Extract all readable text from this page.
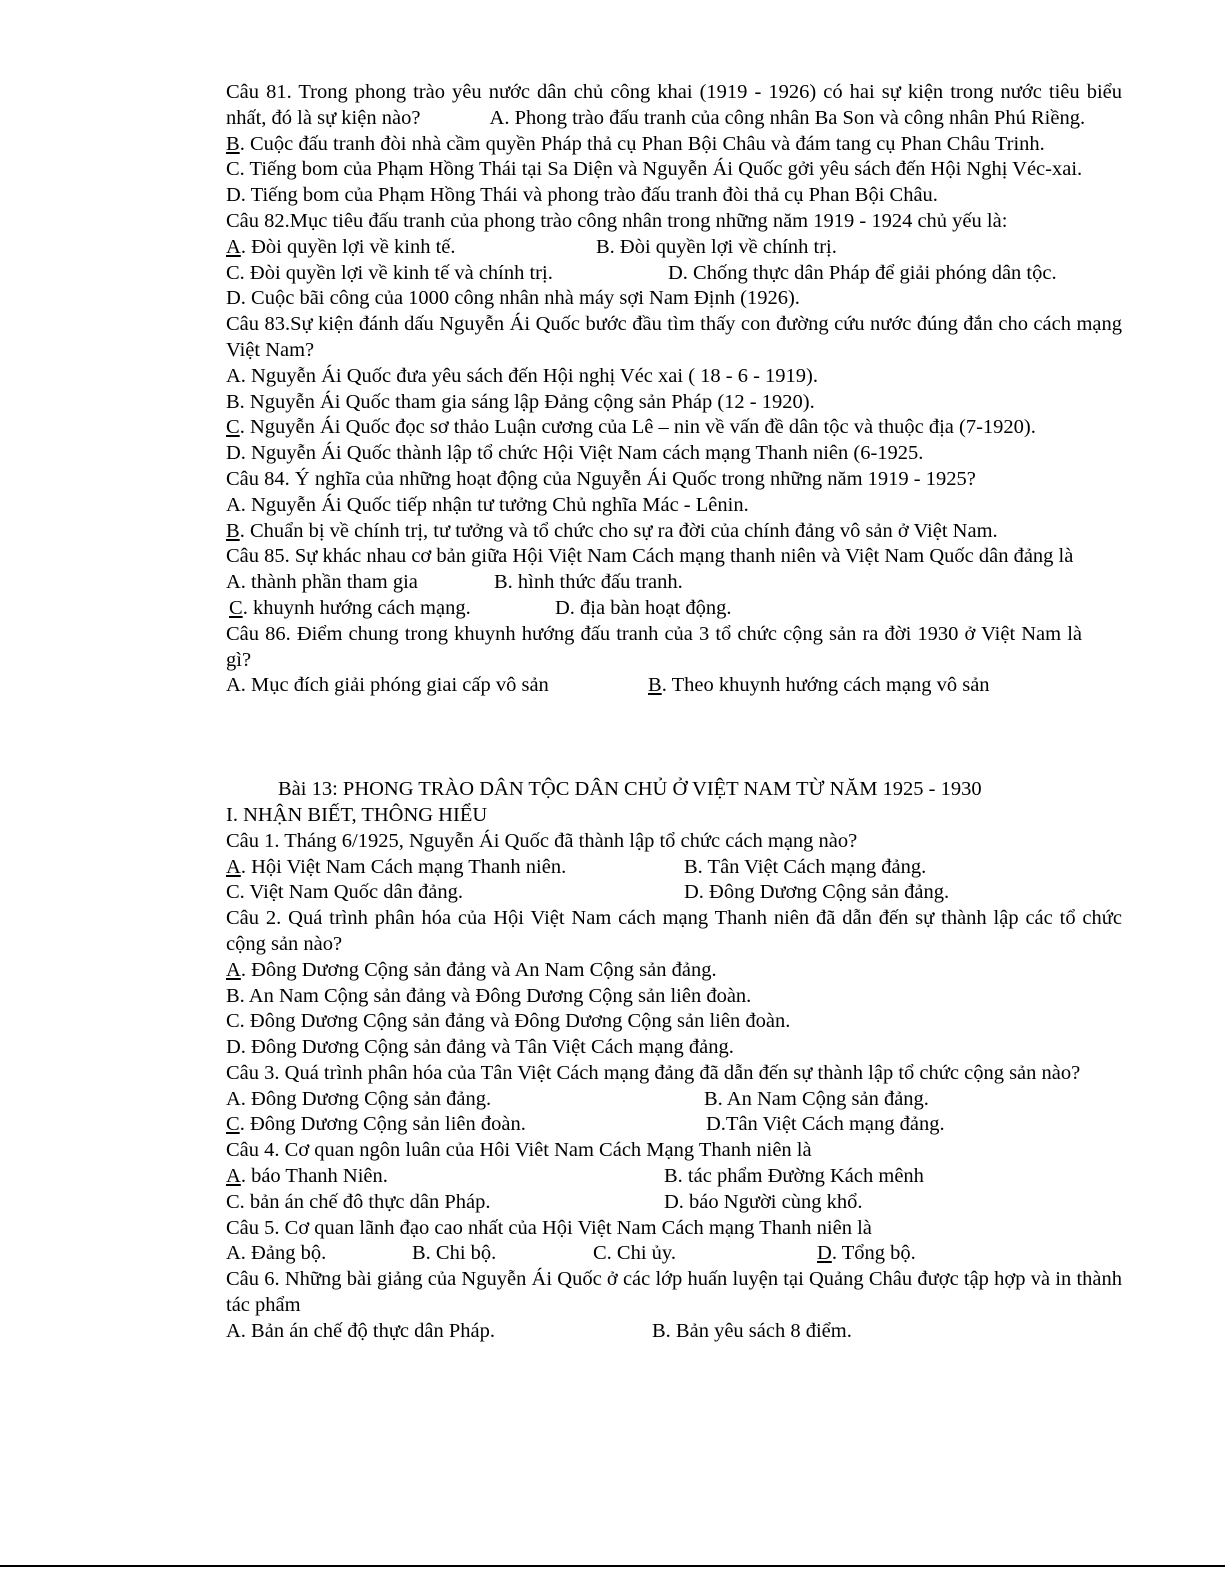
Câu 81. Trong phong trào yêu nước dân chủ công khai (1919 - 1926) có hai sự kiện trong nước tiêu biểu nhất, đó là sự kiện nào?	A. Phong trào đấu tranh của công nhân Ba Son và công nhân Phú Riềng.
B. Cuộc đấu tranh đòi nhà cầm quyền Pháp thả cụ Phan Bội Châu và đám tang cụ Phan Châu Trinh.
C. Tiếng bom của Phạm Hồng Thái tại Sa Diện và Nguyễn Ái Quốc gởi yêu sách đến Hội Nghị Véc-xai.
D. Tiếng bom của Phạm Hồng Thái và phong trào đấu tranh đòi thả cụ Phan Bội Châu.
Câu 82.Mục tiêu đấu tranh của phong trào công nhân trong những năm 1919 - 1924 chủ yếu là:
A. Đòi quyền lợi về kinh tế.	B. Đòi quyền lợi về chính trị.
C. Đòi quyền lợi về kinh tế và chính trị.	D. Chống thực dân Pháp để giải phóng dân tộc.
D. Cuộc bãi công của 1000 công nhân nhà máy sợi Nam Định (1926).
Câu 83.Sự kiện đánh dấu Nguyễn Ái Quốc bước đầu tìm thấy con đường cứu nước đúng đắn cho cách mạng Việt Nam?
A. Nguyễn Ái Quốc đưa yêu sách đến Hội nghị Véc xai ( 18 - 6 - 1919).
B. Nguyễn Ái Quốc tham gia sáng lập Đảng cộng sản Pháp (12 - 1920).
C. Nguyễn Ái Quốc đọc sơ thảo Luận cương của Lê – nin về vấn đề dân tộc và thuộc địa (7-1920).
D. Nguyễn Ái Quốc thành lập tổ chức Hội Việt Nam cách mạng Thanh niên (6-1925.
Câu 84. Ý nghĩa của những hoạt động của Nguyễn Ái Quốc trong những năm 1919 - 1925?
A. Nguyễn Ái Quốc tiếp nhận tư tưởng Chủ nghĩa Mác - Lênin.
B. Chuẩn bị về chính trị, tư tưởng và tổ chức cho sự ra đời của chính đảng vô sản ở Việt Nam.
Câu 85. Sự khác nhau cơ bản giữa Hội Việt Nam Cách mạng thanh niên và Việt Nam Quốc dân đảng là
A. thành phần tham gia	B. hình thức đấu tranh.
C. khuynh hướng cách mạng.	D. địa bàn hoạt động.
Câu 86. Điểm chung trong khuynh hướng đấu tranh của 3 tổ chức cộng sản ra đời 1930 ở Việt Nam là gì?
A. Mục đích giải phóng giai cấp vô sản	B. Theo khuynh hướng cách mạng vô sản
Bài 13: PHONG TRÀO DÂN TỘC DÂN CHỦ Ở VIỆT NAM TỪ NĂM 1925 - 1930
I. NHẬN BIẾT, THÔNG HIỂU
Câu 1. Tháng 6/1925, Nguyễn Ái Quốc đã thành lập tổ chức cách mạng nào?
A. Hội Việt Nam Cách mạng Thanh niên.	B. Tân Việt Cách mạng đảng.
C. Việt Nam Quốc dân đảng.	D. Đông Dương Cộng sản đảng.
Câu 2. Quá trình phân hóa của Hội Việt Nam cách mạng Thanh niên đã dẫn đến sự thành lập các tổ chức cộng sản nào?
A. Đông Dương Cộng sản đảng và An Nam Cộng sản đảng.
B. An Nam Cộng sản đảng và Đông Dương Cộng sản liên đoàn.
C. Đông Dương Cộng sản đảng và Đông Dương Cộng sản liên đoàn.
D. Đông Dương Cộng sản đảng và Tân Việt Cách mạng đảng.
Câu 3. Quá trình phân hóa của Tân Việt Cách mạng đảng đã dẫn đến sự thành lập tổ chức cộng sản nào?
A. Đông Dương Cộng sản đảng.	B. An Nam Cộng sản đảng.
C. Đông Dương Cộng sản liên đoàn.	D.Tân Việt Cách mạng đảng.
Câu 4. Cơ quan ngôn luâ​n của Hô​i Viê​t Nam Cách Mạng Thanh niên là
A. báo Thanh Niên.	B. tác phẩm Đường Kách mê​nh
C. bản án chế đô​ thực dân Pháp.	D. báo Người cùng khổ.
Câu 5. Cơ quan lãnh đạo cao nhất của Hội Việt Nam Cách mạng Thanh niên là
A. Đảng bộ.	B. Chi bộ.	C. Chi ủy.	D. Tổng bộ.
Câu 6. Những bài giảng của Nguyễn Ái Quốc ở các lớp huấn luyện tại Quảng Châu được tập hợp và in thành tác phẩm
A. Bản án chế độ thực dân Pháp.	B. Bản yêu sách 8 điểm.
